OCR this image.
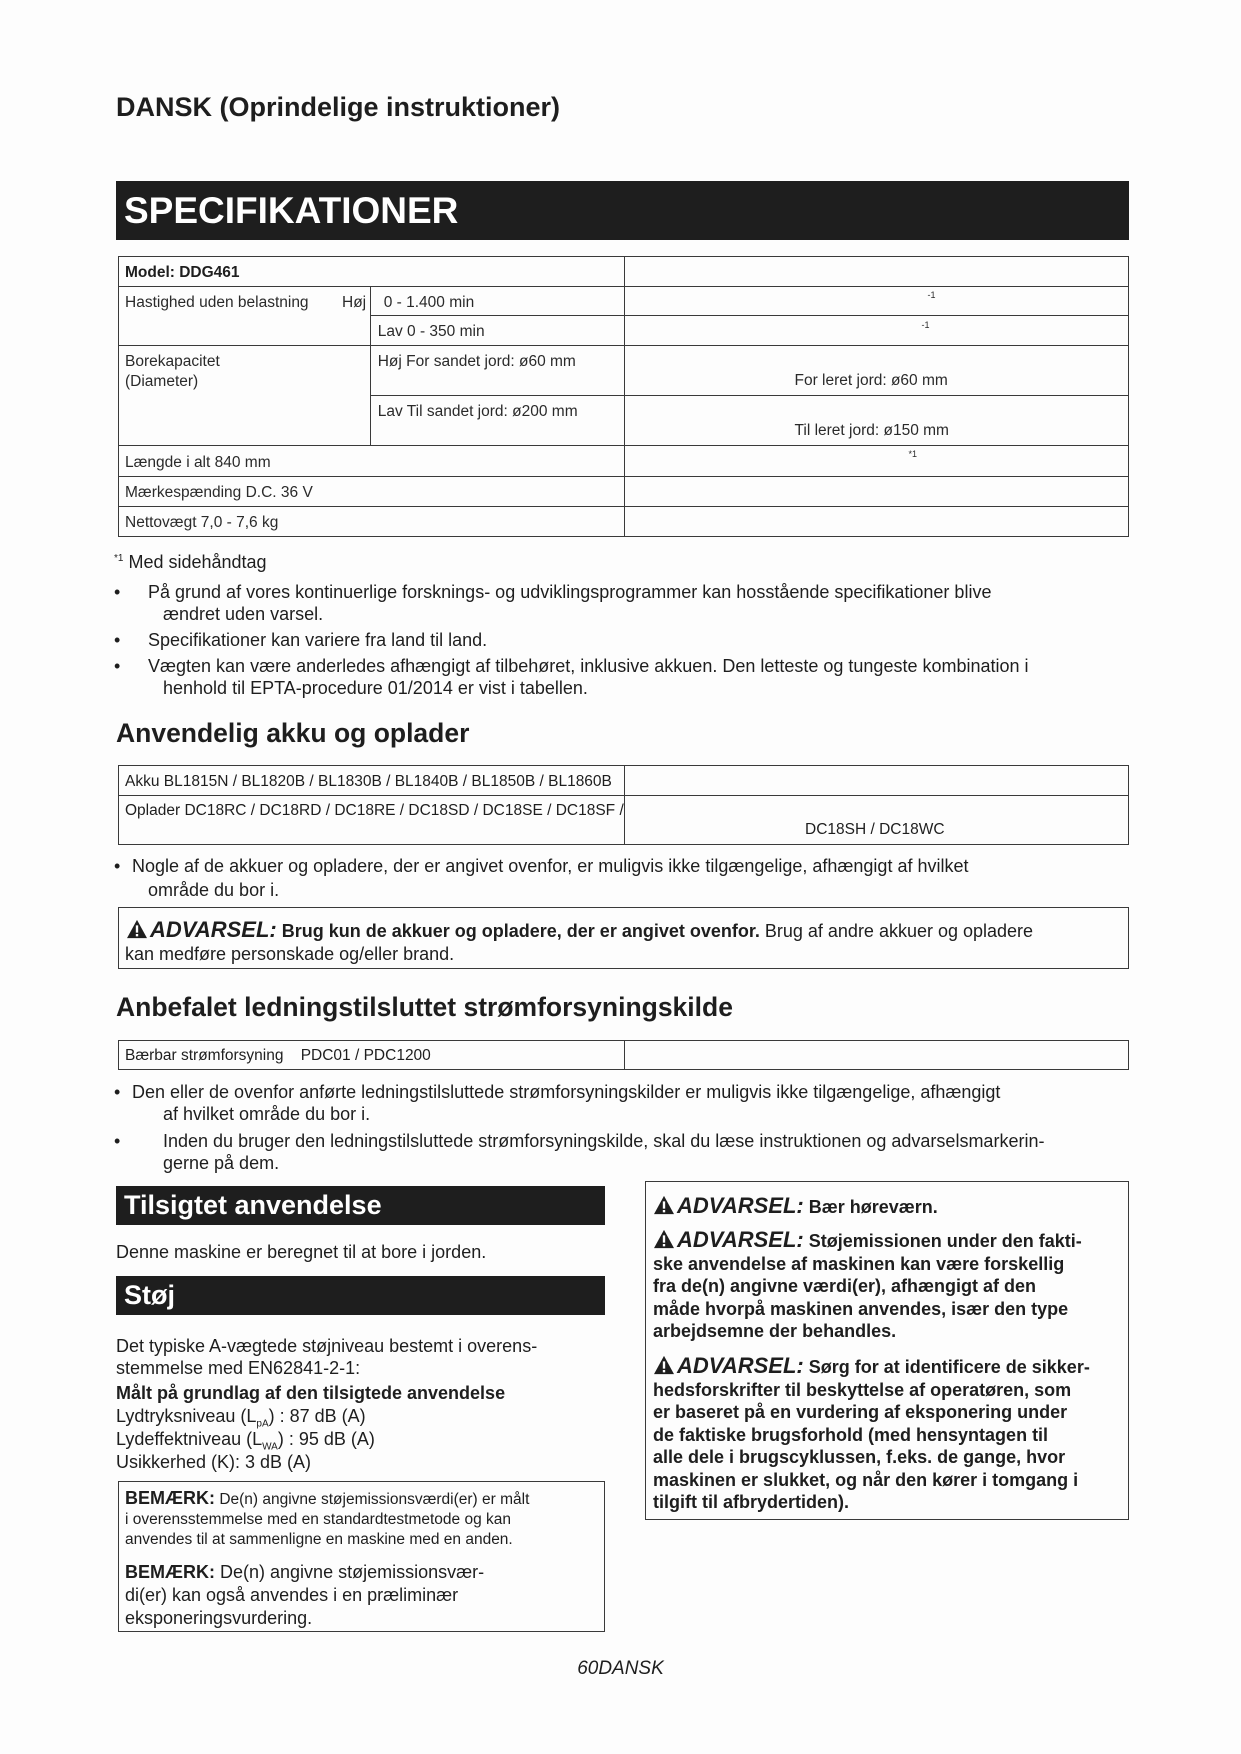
DANSK (Oprindelige instruktioner)
SPECIFIKATIONER
Model: DDG461		

Hastighed uden belastning Høj	0 - 1.400 min	-1

	Lav 0 - 350 min	-1

Borekapacitet
(Diameter)	Høj For sandet jord: ø60 mm	For leret jord: ø60 mm

	Lav Til sandet jord: ø200 mm	Til leret jord: ø150 mm

Længde i alt 840 mm		*1

Mærkespænding D.C. 36 V		

Nettovægt 7,0 - 7,6 kg		

$^{*1}$ Med sidehåndtag
• På grund af vores kontinuerlige forsknings- og udviklingsprogrammer kan hosstående specifikationer blive
ændret uden varsel.
• Specifikationer kan variere fra land til land.
• Vægten kan være anderledes afhængigt af tilbehøret, inklusive akkuen. Den letteste og tungeste kombination i
henhold til EPTA-procedure 01/2014 er vist i tabellen.
Anvendelig akku og oplader
Akku BL1815N / BL1820B / BL1830B / BL1840B / BL1850B / BL1860B
Oplader DC18RC / DC18RD / DC18RE / DC18SD / DC18SE / DC18SF /
DC18SH / DC18WC
• Nogle af de akkuer og opladere, der er angivet ovenfor, er muligvis ikke tilgængelige, afhængigt af hvilket
område du bor i.
ADVARSEL: Brug kun de akkuer og opladere, der er angivet ovenfor. Brug af andre akkuer og opladere
kan medføre personskade og/eller brand.
Anbefalet ledningstilsluttet strømforsyningskilde
Bærbar strømforsyning    PDC01 / PDC1200
• Den eller de ovenfor anførte ledningstilsluttede strømforsyningskilder er muligvis ikke tilgængelige, afhængigt
af hvilket område du bor i.
• Inden du bruger den ledningstilsluttede strømforsyningskilde, skal du læse instruktionen og advarselsmarkerin-
gerne på dem.
Tilsigtet anvendelse
Denne maskine er beregnet til at bore i jorden.
Støj
Det typiske A-vægtede støjniveau bestemt i overens-
stemmelse med EN62841-2-1:
Målt på grundlag af den tilsigtede anvendelse
Lydtryksniveau $(L_{pA})$ : 87 dB (A)
Lydeffektniveau $(L_{WA})$ : 95 dB (A)
Usikkerhed (K): 3 dB (A)
BEMÆRK: De(n) angivne støjemissionsværdi(er) er målt
i overensstemmelse med en standardtestmetode og kan
anvendes til at sammenligne en maskine med en anden.
BEMÆRK: De(n) angivne støjemissionsvær-
di(er) kan også anvendes i en præliminær
eksponeringsvurdering.
ADVARSEL: Bær høreværn.
ADVARSEL: Støjemissionen under den fakti-
ske anvendelse af maskinen kan være forskellig
fra de(n) angivne værdi(er), afhængigt af den
måde hvorpå maskinen anvendes, især den type
arbejdsemne der behandles.
ADVARSEL: Sørg for at identificere de sikker-
hedsforskrifter til beskyttelse af operatøren, som
er baseret på en vurdering af eksponering under
de faktiske brugsforhold (med hensyntagen til
alle dele i brugscyklussen, f.eks. de gange, hvor
maskinen er slukket, og når den kører i tomgang i
tilgift til afbrydertiden).
60DANSK
